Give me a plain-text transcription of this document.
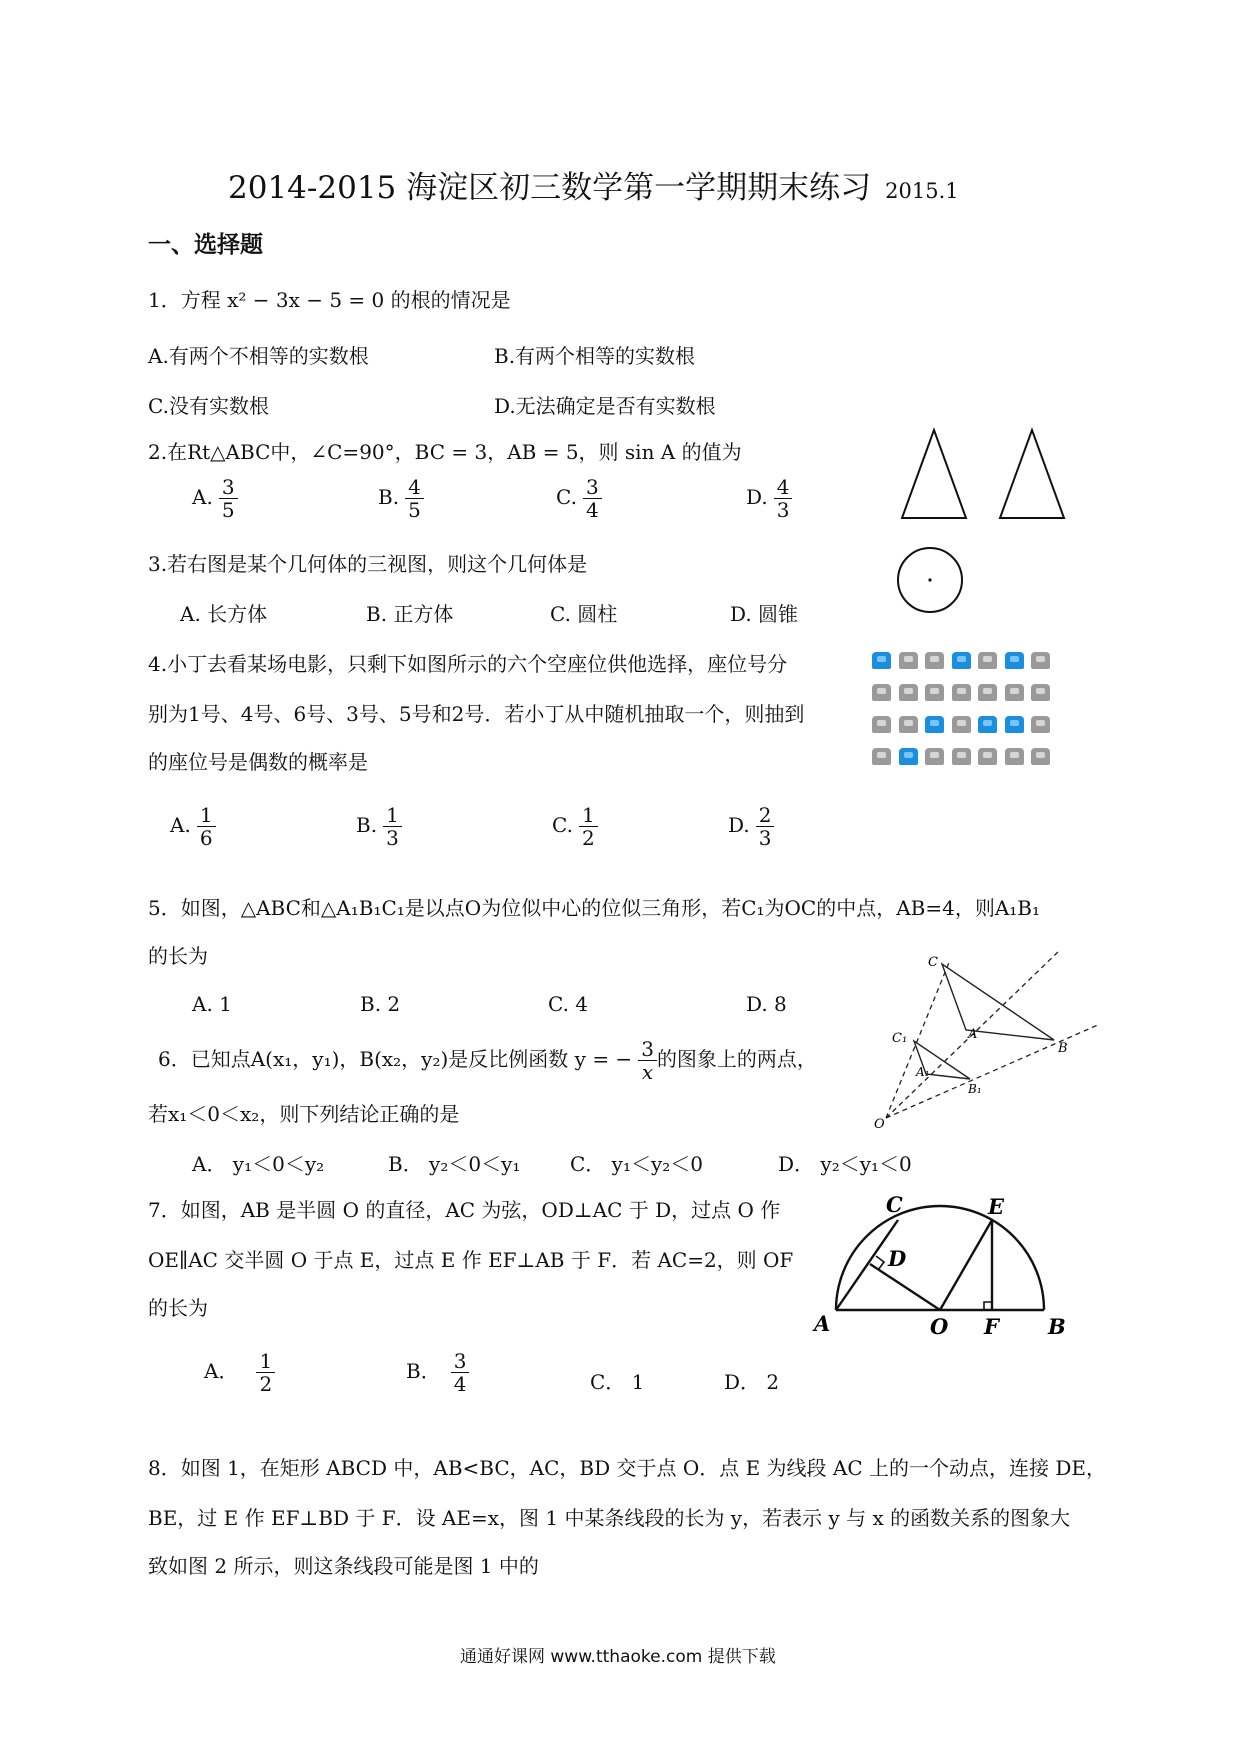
2014-2015 海淀区初三数学第一学期期末练习 2015.1
一、选择题
1．方程 x² − 3x − 5 = 0 的根的情况是
A.有两个不相等的实数根	B.有两个相等的实数根
C.没有实数根	D.无法确定是否有实数根
2.在Rt△ABC中，∠C=90°，BC = 3，AB = 5，则 sin A 的值为
A. $\frac{3}{5}$	B. $\frac{4}{5}$	C. $\frac{3}{4}$	D. $\frac{4}{3}$
3.若右图是某个几何体的三视图，则这个几何体是
A. 长方体	B. 正方体	C. 圆柱	D. 圆锥
4.小丁去看某场电影，只剩下如图所示的六个空座位供他选择，座位号分
别为1号、4号、6号、3号、5号和2号．若小丁从中随机抽取一个，则抽到
的座位号是偶数的概率是
A. $\frac{1}{6}$	B. $\frac{1}{3}$	C. $\frac{1}{2}$	D. $\frac{2}{3}$
5．如图，△ABC和△A₁B₁C₁是以点O为位似中心的位似三角形，若C₁为OC的中点，AB=4，则A₁B₁
的长为
A. 1	B. 2	C. 4	D. 8
C
A
B
C₁
A₁
B₁
O
6．已知点A(x₁，y₁)，B(x₂，y₂)是反比例函数 y = − $\frac{3}{x}$ 的图象上的两点，
若x₁＜0＜x₂，则下列结论正确的是
A． y₁＜0＜y₂	B． y₂＜0＜y₁ C． y₁＜y₂＜0	D． y₂＜y₁＜0
7．如图，AB 是半圆 O 的直径，AC 为弦，OD⊥AC 于 D，过点 O 作
OE∥AC 交半圆 O 于点 E，过点 E 作 EF⊥AB 于 F．若 AC=2，则 OF
的长为
A． $\frac{1}{2}$	B． $\frac{3}{4}$	C． 1	D． 2
A	O F B
C	E
D
8．如图 1，在矩形 ABCD 中，AB<BC，AC，BD 交于点 O．点 E 为线段 AC 上的一个动点，连接 DE，
BE，过 E 作 EF⊥BD 于 F．设 AE=x，图 1 中某条线段的长为 y，若表示 y 与 x 的函数关系的图象大
致如图 2 所示，则这条线段可能是图 1 中的
通通好课网 www.tthaoke.com 提供下载
